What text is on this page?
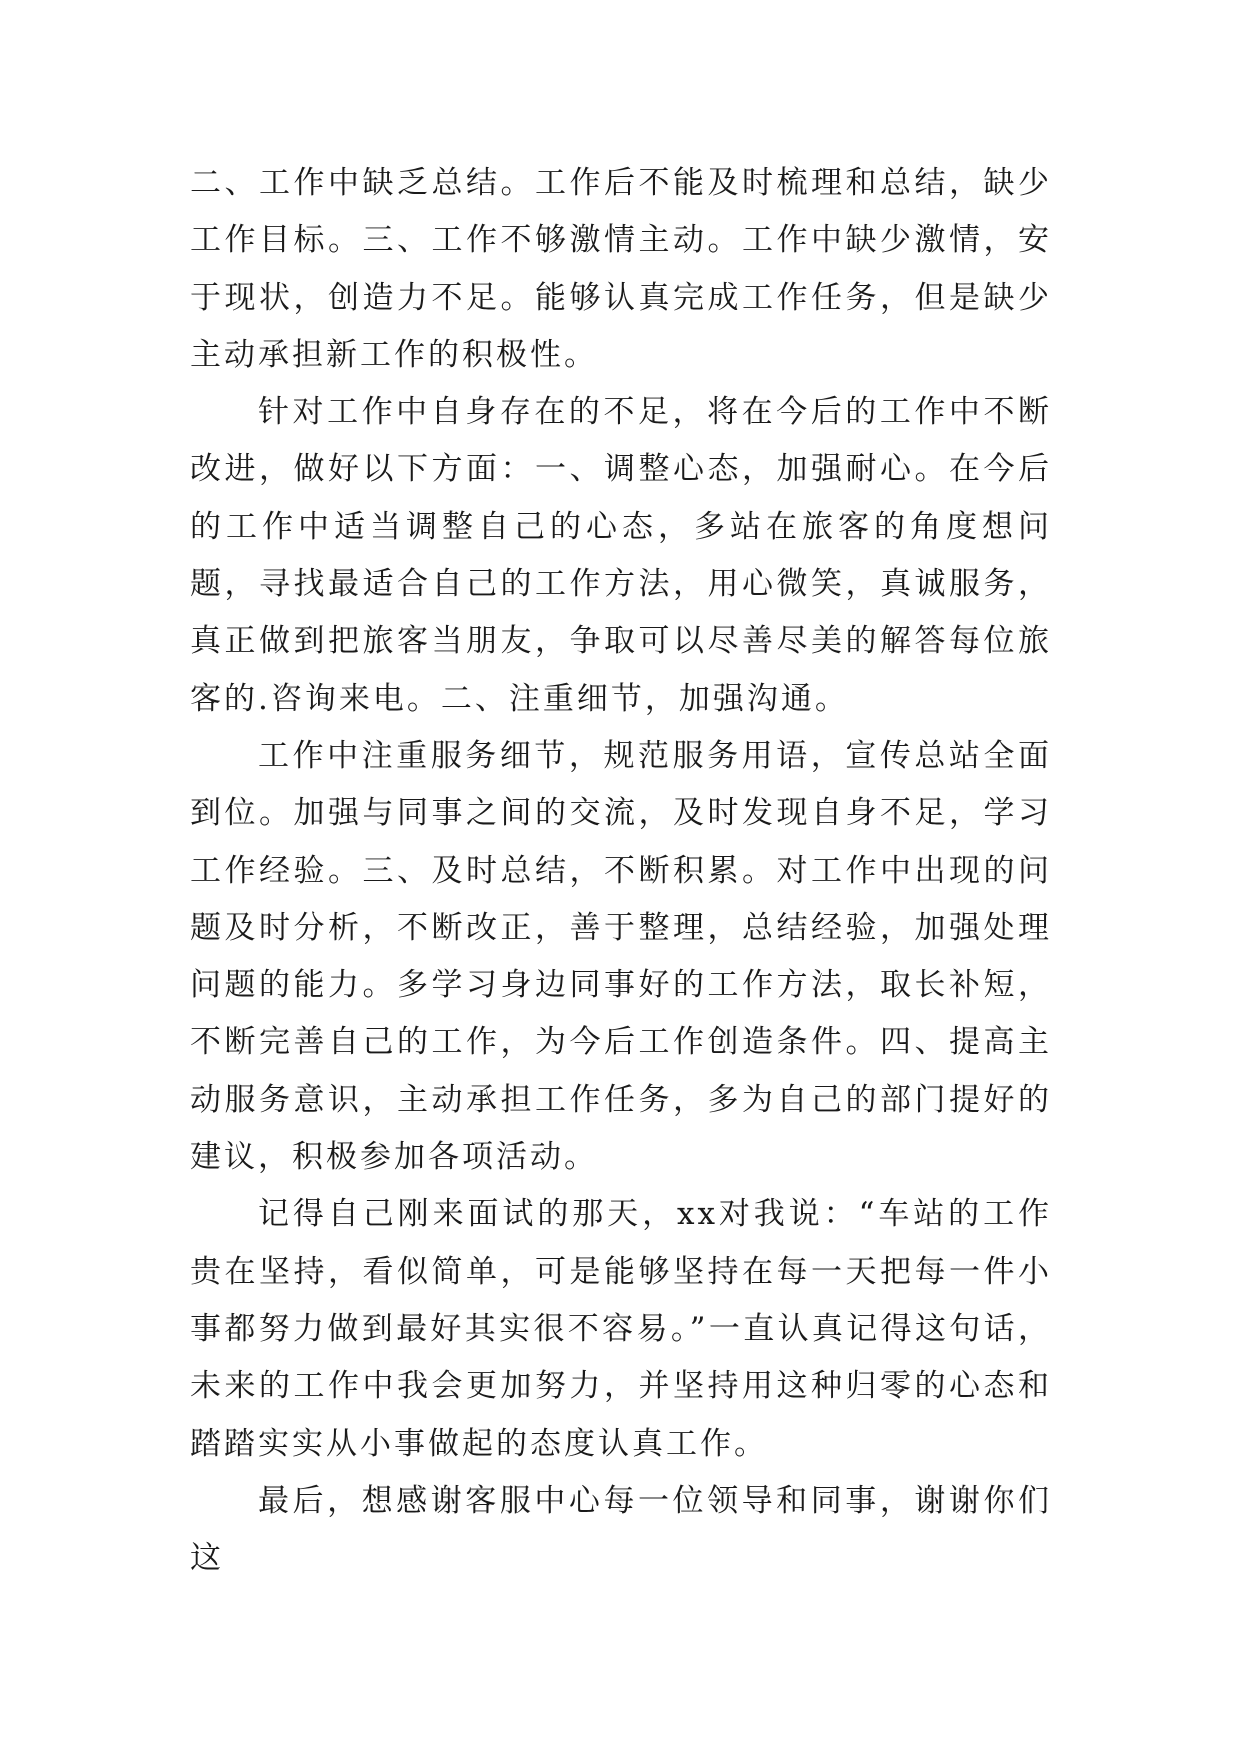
二、工作中缺乏总结。工作后不能及时梳理和总结，缺少工作目标。三、工作不够激情主动。工作中缺少激情，安于现状，创造力不足。能够认真完成工作任务，但是缺少主动承担新工作的积极性。

针对工作中自身存在的不足，将在今后的工作中不断改进，做好以下方面：一、调整心态，加强耐心。在今后的工作中适当调整自己的心态，多站在旅客的角度想问题，寻找最适合自己的工作方法，用心微笑，真诚服务，真正做到把旅客当朋友，争取可以尽善尽美的解答每位旅客的.咨询来电。二、注重细节，加强沟通。

工作中注重服务细节，规范服务用语，宣传总站全面到位。加强与同事之间的交流，及时发现自身不足，学习工作经验。三、及时总结，不断积累。对工作中出现的问题及时分析，不断改正，善于整理，总结经验，加强处理问题的能力。多学习身边同事好的工作方法，取长补短，不断完善自己的工作，为今后工作创造条件。四、提高主动服务意识，主动承担工作任务，多为自己的部门提好的建议，积极参加各项活动。

记得自己刚来面试的那天，xx对我说：“车站的工作贵在坚持，看似简单，可是能够坚持在每一天把每一件小事都努力做到最好其实很不容易。”一直认真记得这句话，未来的工作中我会更加努力，并坚持用这种归零的心态和踏踏实实从小事做起的态度认真工作。

最后，想感谢客服中心每一位领导和同事，谢谢你们这
